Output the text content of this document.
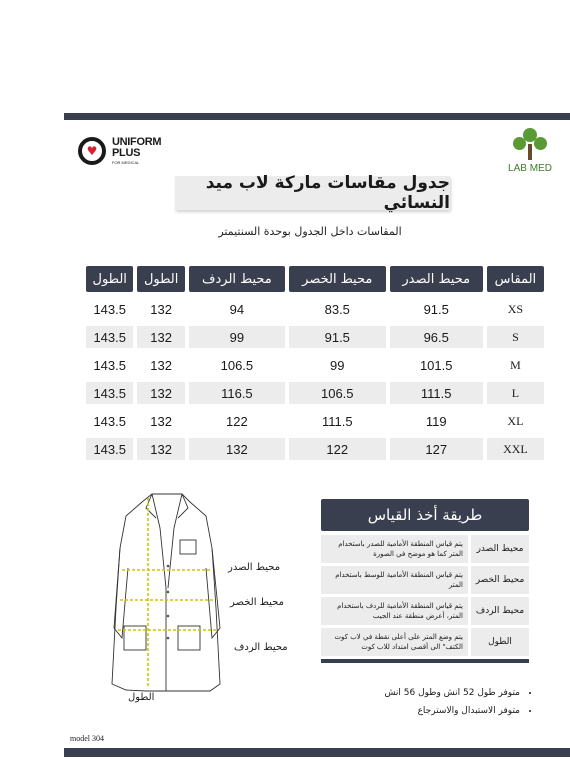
♥
UNIFORM
PLUS
FOR MEDICAL
LAB MED
جدول مقاسات ماركة لاب ميد النسائي
المقاسات داخل الجدول بوحدة السنتيمتر
المقاس	محيط الصدر	محيط الخصر	محيط الردف	الطول	الطول
XS	91.5	83.5	94	132	143.5
S	96.5	91.5	99	132	143.5
M	101.5	99	106.5	132	143.5
L	111.5	106.5	116.5	132	143.5
XL	119	111.5	122	132	143.5
XXL	127	122	132	132	143.5
محيط الصدر
محيط الخصر
محيط الردف
الطول
طريقة أخذ القياس
محيط الصدر
يتم قياس المنطقة الأمامية للصدر باستخدام المتر كما هو موضح في الصورة
محيط الخصر
يتم قياس المنطقة الأمامية للوسط باستخدام المتر
محيط الردف
يتم قياس المنطقة الأمامية للردف باستخدام المتر، أعرض منطقة عند الجيب
الطول
يتم وضع المتر على أعلى نقطة في لاب كوت الكتف" الى أقصى امتداد للاب كوت
• متوفر طول 52 انش وطول 56 انش
• متوفر الاستبدال والاسترجاع
model 304
